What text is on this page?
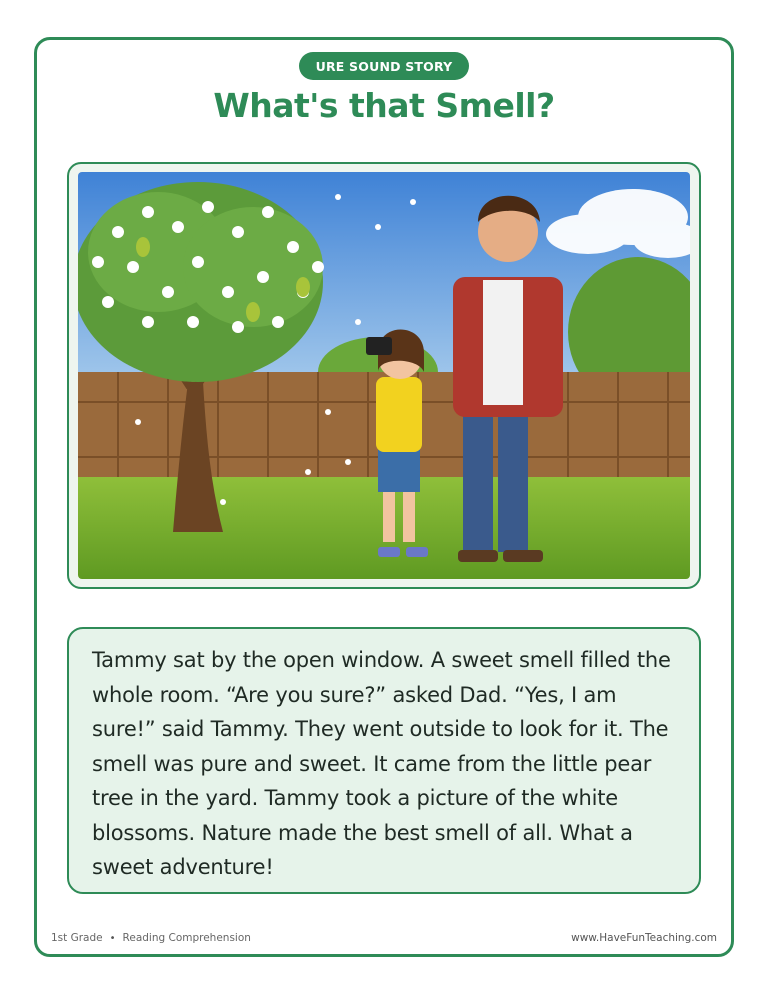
URE SOUND STORY
What's that Smell?

Tammy sat by the open window. A sweet smell filled the whole room. “Are you sure?” asked Dad. “Yes, I am sure!” said Tammy. They went outside to look for it. The smell was pure and sweet. It came from the little pear tree in the yard. Tammy took a picture of the white blossoms. Nature made the best smell of all. What a sweet adventure!

1st Grade • Reading Comprehension	www.HaveFunTeaching.com
